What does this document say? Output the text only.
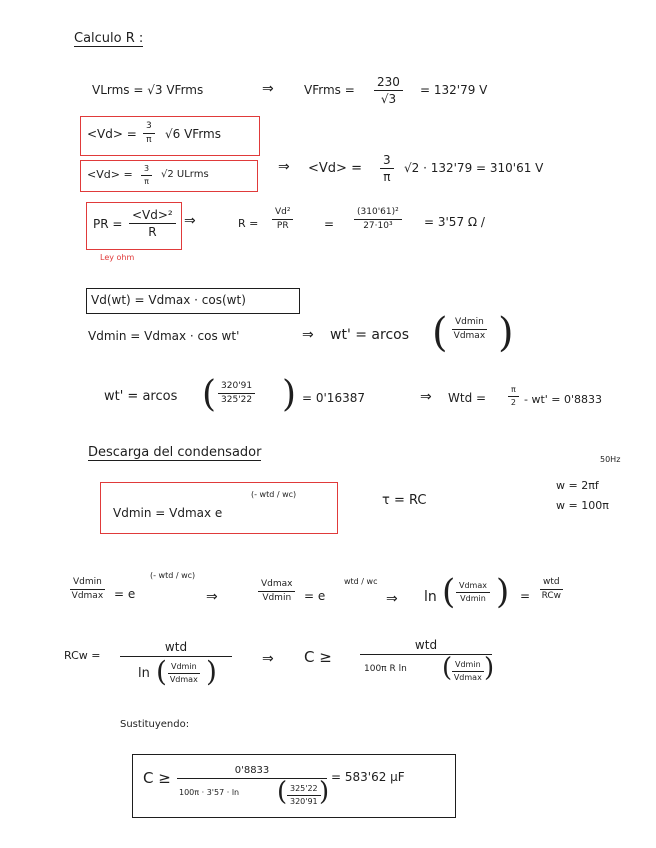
Calculo R :
VLrms = √3 VFrms	⇒	VFrms = $\frac{230}{√3} = 132'79$ V
$<Vd> = \frac{3}{\pi} √6$ VFrms
$<Vd> = \frac{3}{\pi} √2$ ULrms	⇒ $<Vd> = \frac{3}{\pi} √2 \cdot 132'79 = 310'61$ V
PR = $\frac{\text{<Vd>²}}{R}$
Ley ohm
⇒	$R = \frac{\text{Vd²}}{PR}$	= $\frac{\text{(310'61)²}}{\text{27·10³}} = 3'57$ Ω /
Vd(wt) = Vdmax · cos(wt)
Vdmin = Vdmax · cos wt'	⇒ wt' = arcos ( Vdmin
Vdmax )
wt' = arcos ( $\frac{320'91}{325'22}$ ) = 0'16387	⇒ Wtd =	$\frac{\pi}{2} - wt' = 0'8833$
Descarga del condensador
Vdmin = Vdmax e
(- wtd / wc)	τ = RC
50Hz
w = 2πf
w = 100π
Vdmin
Vdmax = e
(- wtd / wc)
⇒
Vdmax
Vdmin = e
wtd / wc
⇒ ln ( Vdmax
Vdmin ) =
wtd
RCw
RCw =
wtd
ln ( Vdmin
Vdmax )	⇒ C ≥
wtd
100π R ln ( Vdmin
Vdmax )
Sustituyendo:
C ≥	0'8833
100π · 3'57 · ln ( $\frac{325'22}{320'91}$
) = 583'62 μF
